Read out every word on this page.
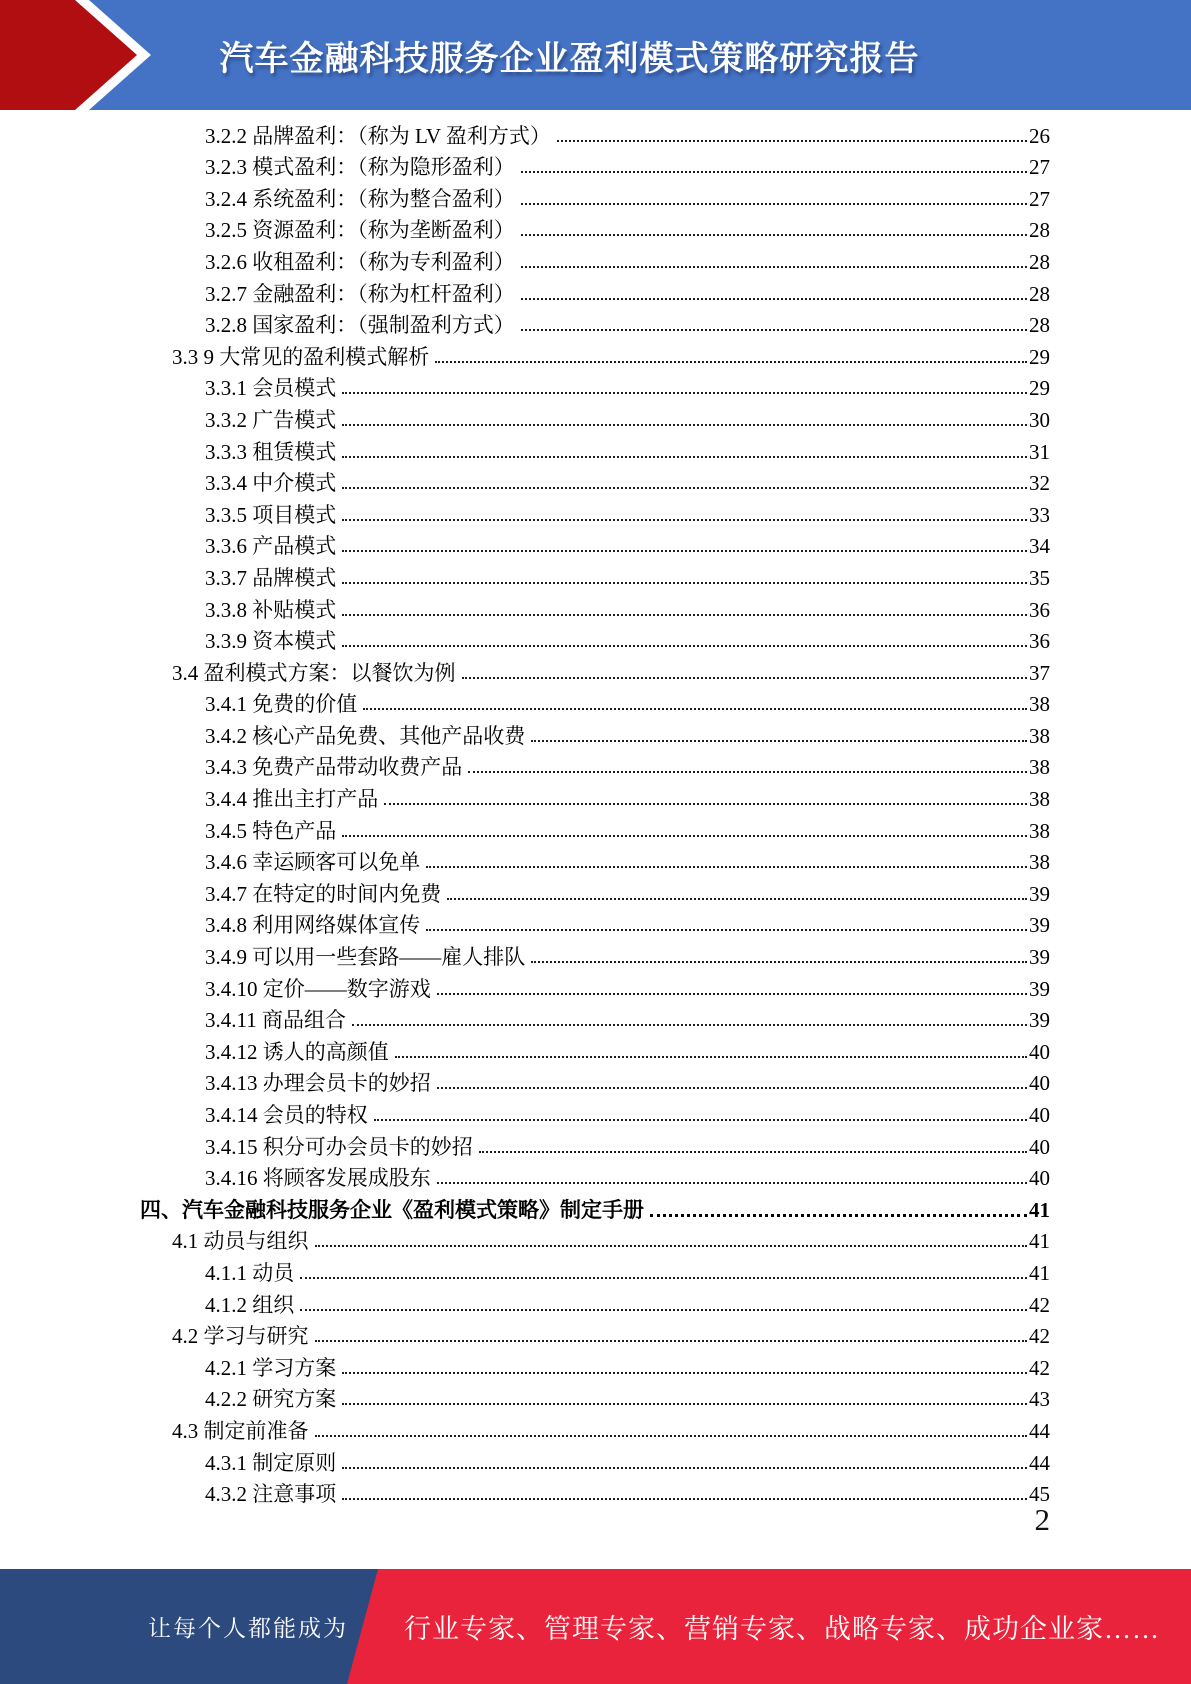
汽车金融科技服务企业盈利模式策略研究报告
3.2.2 品牌盈利：（称为 LV 盈利方式）	26
3.2.3 模式盈利：（称为隐形盈利）	27
3.2.4 系统盈利：（称为整合盈利）	27
3.2.5 资源盈利：（称为垄断盈利）	28
3.2.6 收租盈利：（称为专利盈利）	28
3.2.7 金融盈利：（称为杠杆盈利）	28
3.2.8 国家盈利：（强制盈利方式）	28
3.3 9 大常见的盈利模式解析	29
3.3.1 会员模式	29
3.3.2 广告模式	30
3.3.3 租赁模式	31
3.3.4 中介模式	32
3.3.5 项目模式	33
3.3.6 产品模式	34
3.3.7 品牌模式	35
3.3.8 补贴模式	36
3.3.9 资本模式	36
3.4 盈利模式方案：以餐饮为例	37
3.4.1 免费的价值	38
3.4.2 核心产品免费、其他产品收费	38
3.4.3 免费产品带动收费产品	38
3.4.4 推出主打产品	38
3.4.5 特色产品	38
3.4.6 幸运顾客可以免单	38
3.4.7 在特定的时间内免费	39
3.4.8 利用网络媒体宣传	39
3.4.9 可以用一些套路——雇人排队	39
3.4.10 定价——数字游戏	39
3.4.11 商品组合	39
3.4.12 诱人的高颜值	40
3.4.13 办理会员卡的妙招	40
3.4.14 会员的特权	40
3.4.15 积分可办会员卡的妙招	40
3.4.16 将顾客发展成股东	40
四、汽车金融科技服务企业《盈利模式策略》制定手册	41
4.1 动员与组织	41
4.1.1 动员	41
4.1.2 组织	42
4.2 学习与研究	42
4.2.1 学习方案	42
4.2.2 研究方案	43
4.3 制定前准备	44
4.3.1 制定原则	44
4.3.2 注意事项	45
2
让每个人都能成为 行业专家、管理专家、营销专家、战略专家、成功企业家……
